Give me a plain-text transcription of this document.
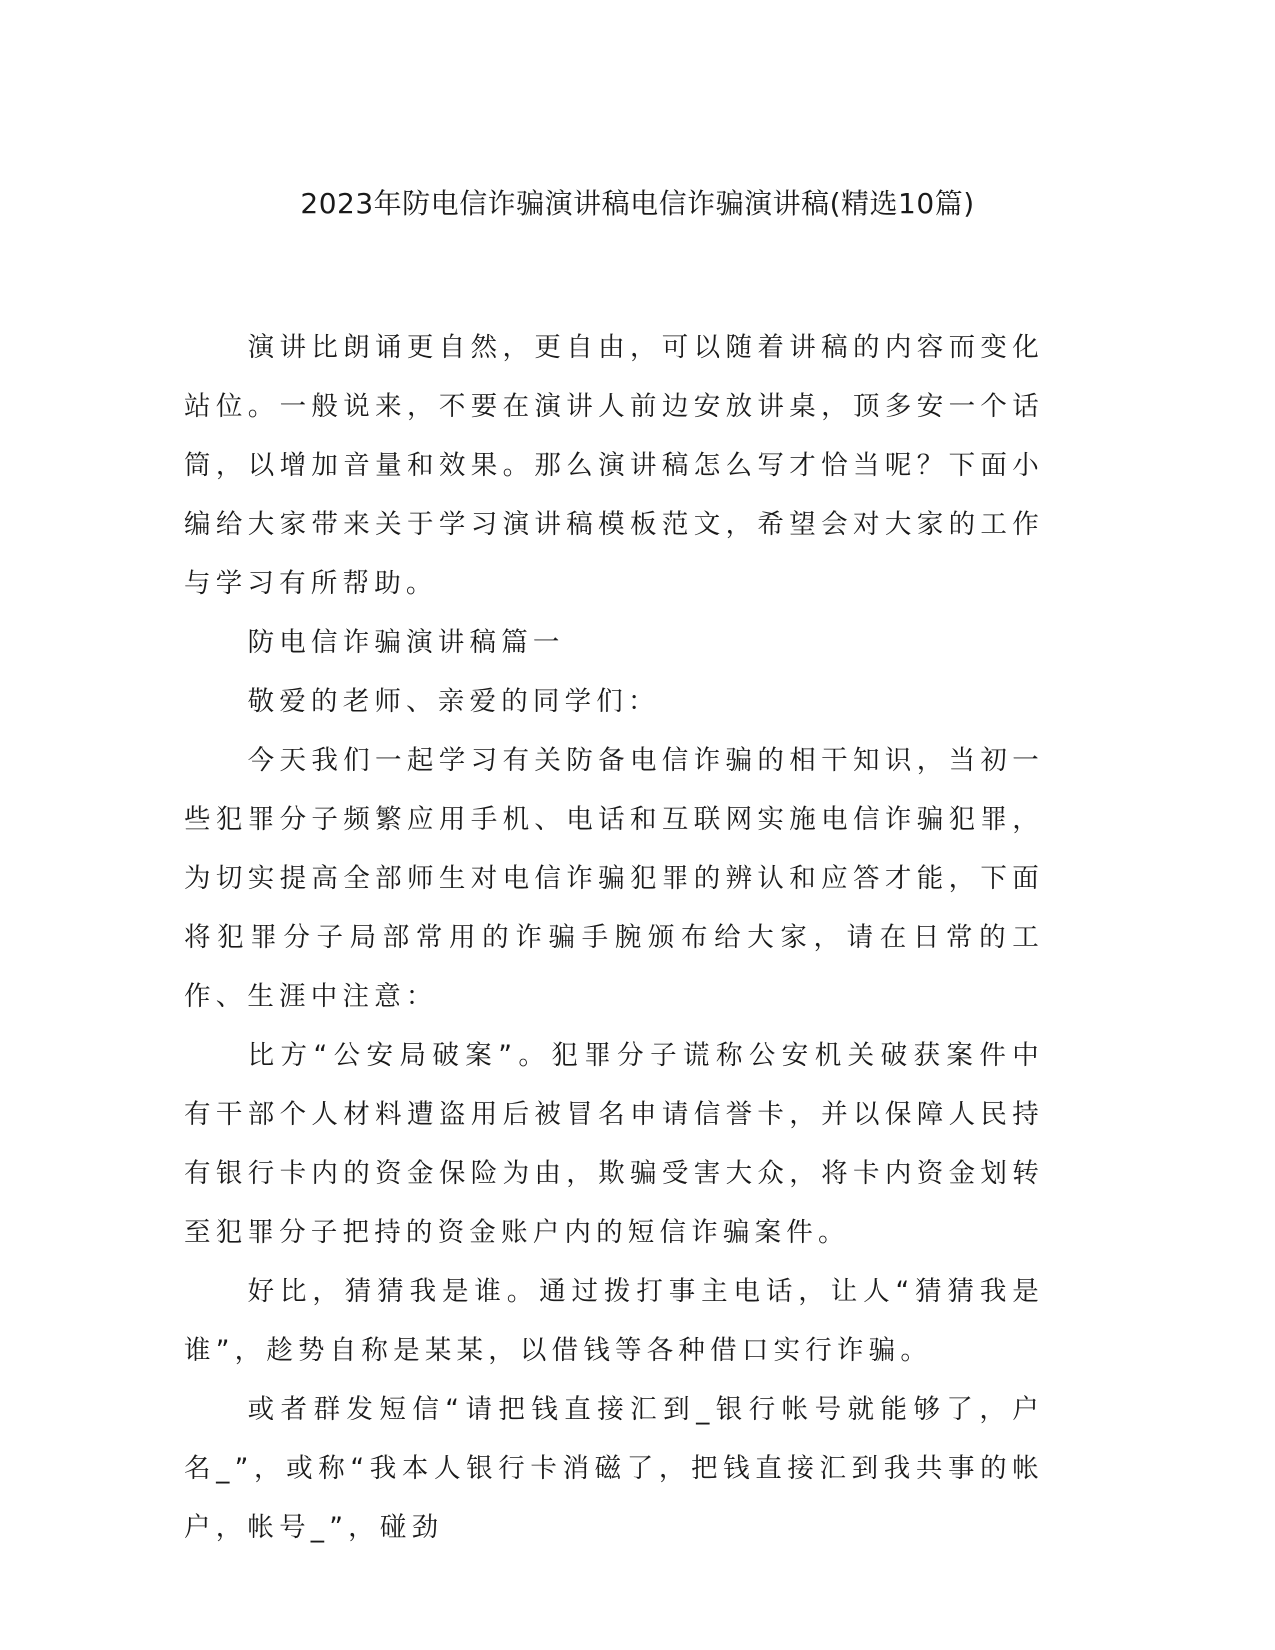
2023年防电信诈骗演讲稿电信诈骗演讲稿(精选10篇)

演讲比朗诵更自然，更自由，可以随着讲稿的内容而变化站位。一般说来，不要在演讲人前边安放讲桌，顶多安一个话筒，以增加音量和效果。那么演讲稿怎么写才恰当呢？下面小编给大家带来关于学习演讲稿模板范文，希望会对大家的工作与学习有所帮助。

防电信诈骗演讲稿篇一

敬爱的老师、亲爱的同学们：

今天我们一起学习有关防备电信诈骗的相干知识，当初一些犯罪分子频繁应用手机、电话和互联网实施电信诈骗犯罪，为切实提高全部师生对电信诈骗犯罪的辨认和应答才能，下面将犯罪分子局部常用的诈骗手腕颁布给大家，请在日常的工作、生涯中注意：

比方“公安局破案”。犯罪分子谎称公安机关破获案件中有干部个人材料遭盗用后被冒名申请信誉卡，并以保障人民持有银行卡内的资金保险为由，欺骗受害大众，将卡内资金划转至犯罪分子把持的资金账户内的短信诈骗案件。

好比，猜猜我是谁。通过拨打事主电话，让人“猜猜我是谁”，趁势自称是某某，以借钱等各种借口实行诈骗。

或者群发短信“请把钱直接汇到_银行帐号就能够了，户名_”，或称“我本人银行卡消磁了，把钱直接汇到我共事的帐户，帐号_”，碰劲
